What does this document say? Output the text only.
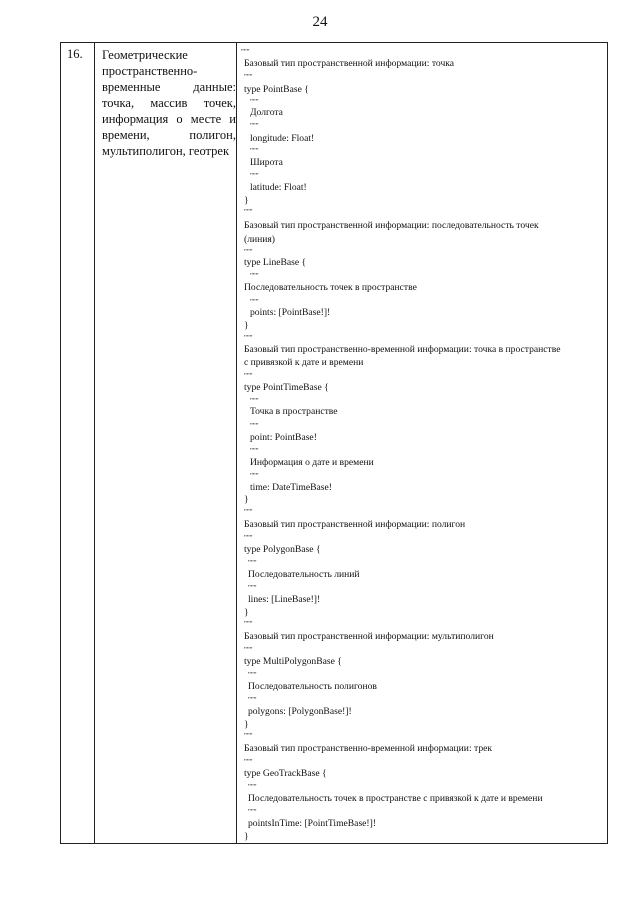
24
16. Геометрические
пространственно-
временные	данные:
точка, массив точек,
информация о месте и
времени,	полигон,
мультиполигон, геотрек
"""
Базовый тип пространственной информации: точка
"""
type PointBase {
"""
Долгота
"""
longitude: Float!
"""
Широта
"""
latitude: Float!
}
"""
Базовый тип пространственной информации: последовательность точек
(линия)
"""
type LineBase {
"""
Последовательность точек в пространстве
"""
points: [PointBase!]!
}
"""
Базовый тип пространственно-временной информации: точка в пространстве
с привязкой к дате и времени
"""
type PointTimeBase {
"""
Точка в пространстве
"""
point: PointBase!
"""
Информация о дате и времени
"""
time: DateTimeBase!
}
"""
Базовый тип пространственной информации: полигон
"""
type PolygonBase {
"""
Последовательность линий
"""
lines: [LineBase!]!
}
"""
Базовый тип пространственной информации: мультиполигон
"""
type MultiPolygonBase {
"""
Последовательность полигонов
"""
polygons: [PolygonBase!]!
}
"""
Базовый тип пространственно-временной информации: трек
"""
type GeoTrackBase {
"""
Последовательность точек в пространстве с привязкой к дате и времени
"""
pointsInTime: [PointTimeBase!]!
}
